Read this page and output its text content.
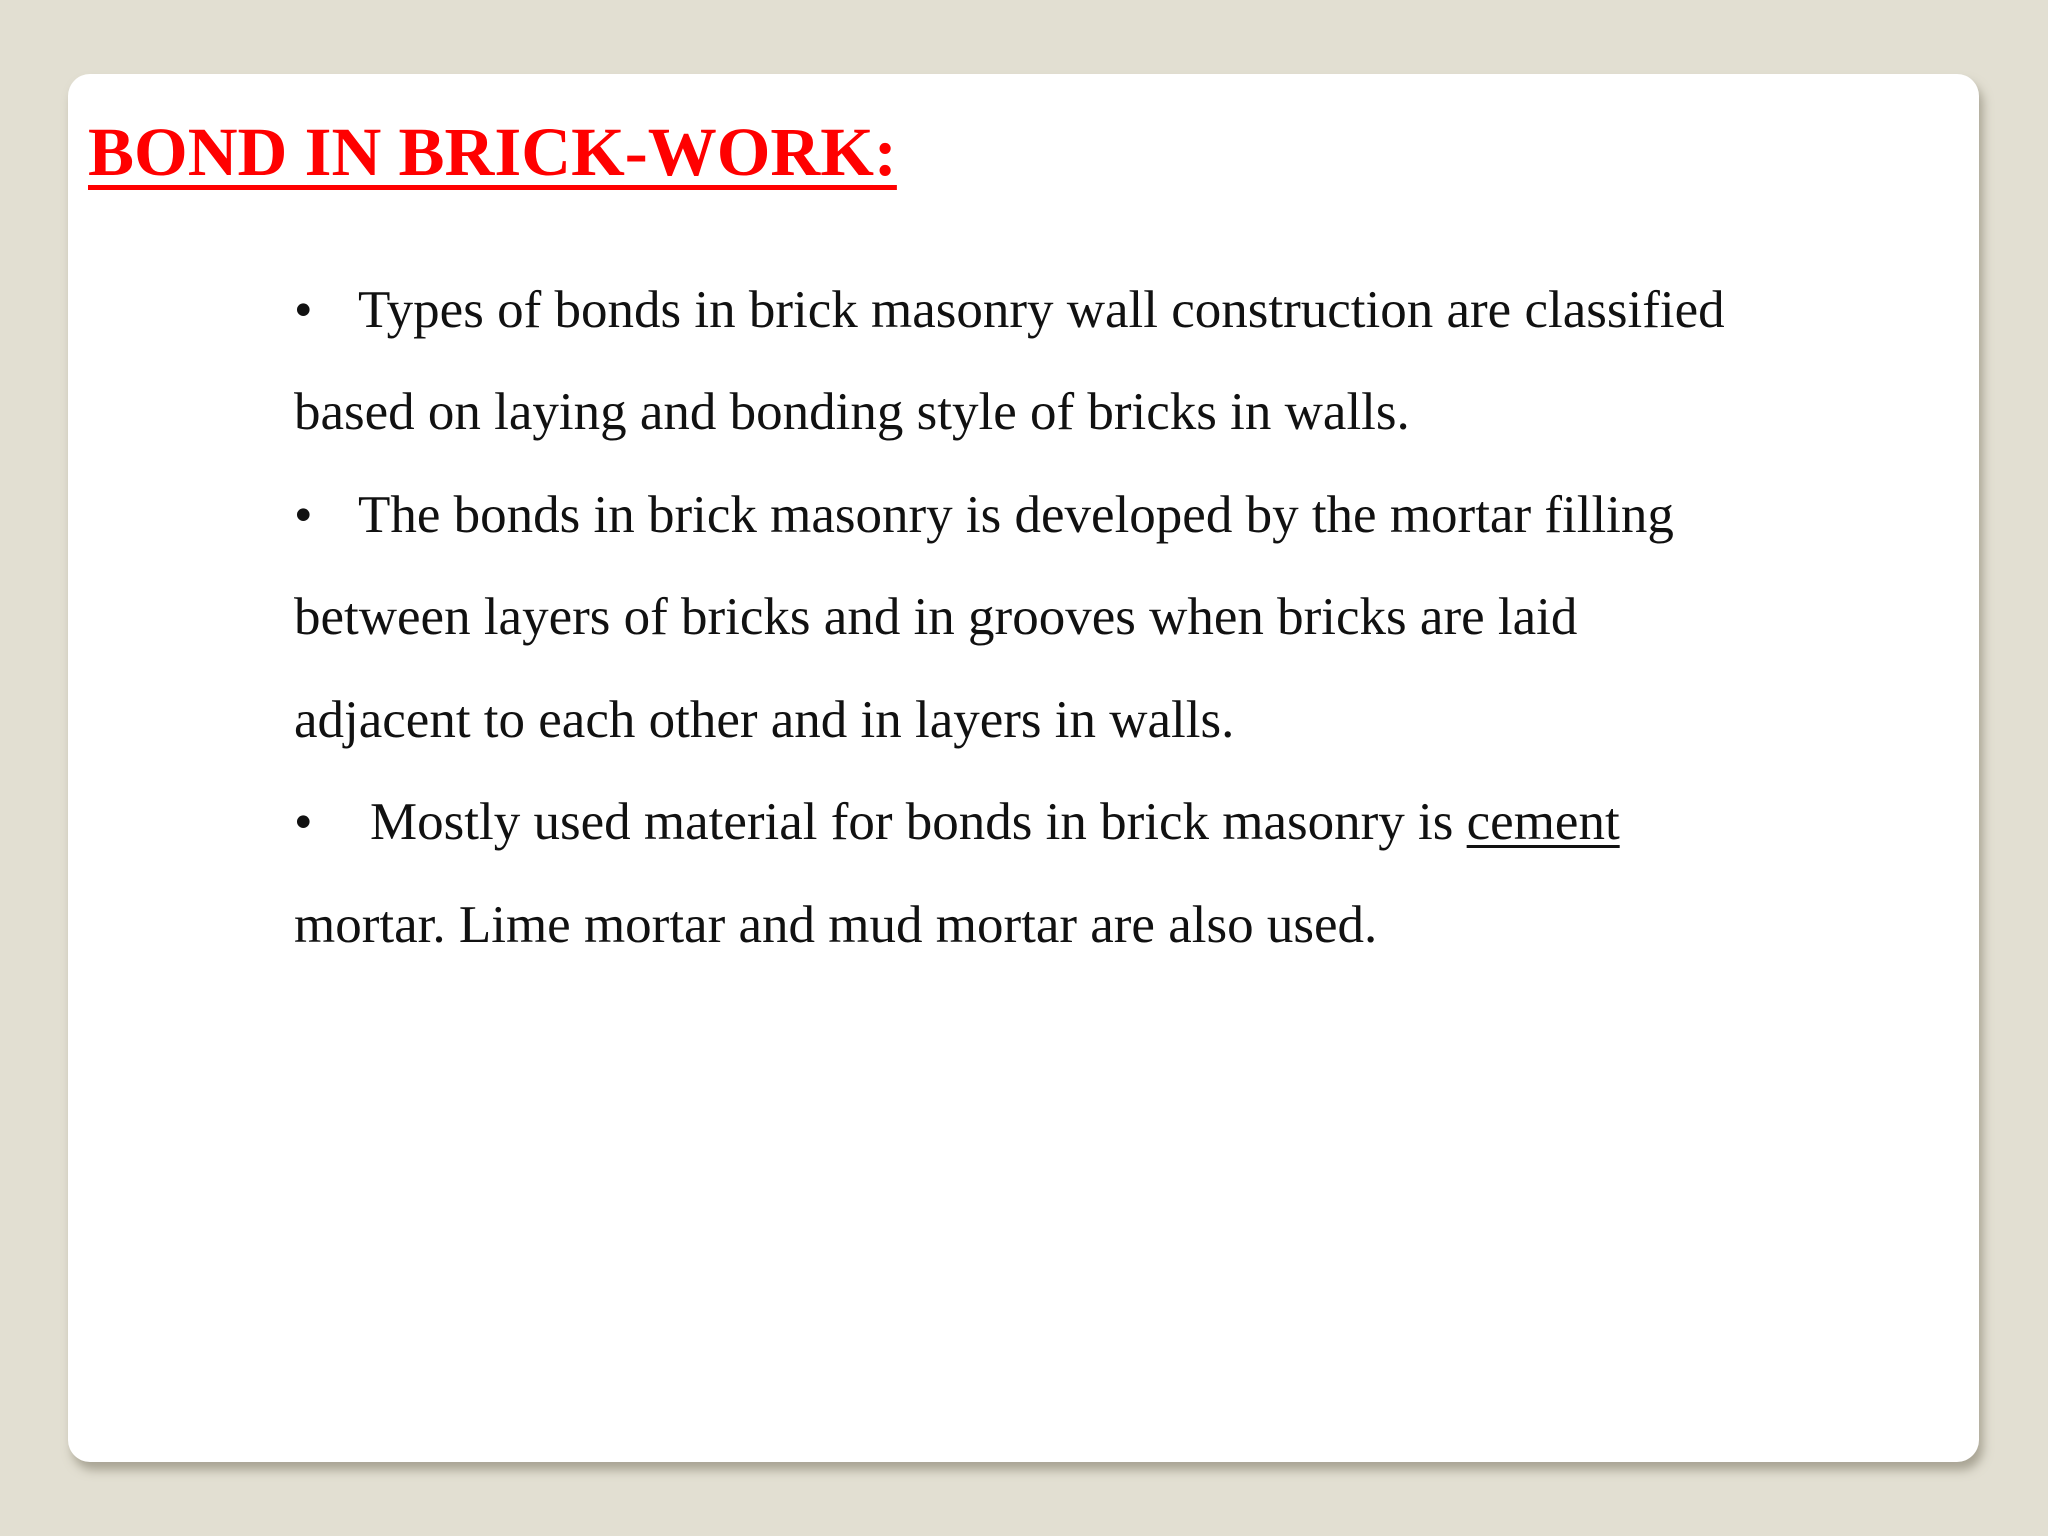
BOND IN BRICK-WORK:
• Types of bonds in brick masonry wall construction are classified
based on laying and bonding style of bricks in walls.
• The bonds in brick masonry is developed by the mortar filling
between layers of bricks and in grooves when bricks are laid
adjacent to each other and in layers in walls.
• Mostly used material for bonds in brick masonry is cement
mortar. Lime mortar and mud mortar are also used.
